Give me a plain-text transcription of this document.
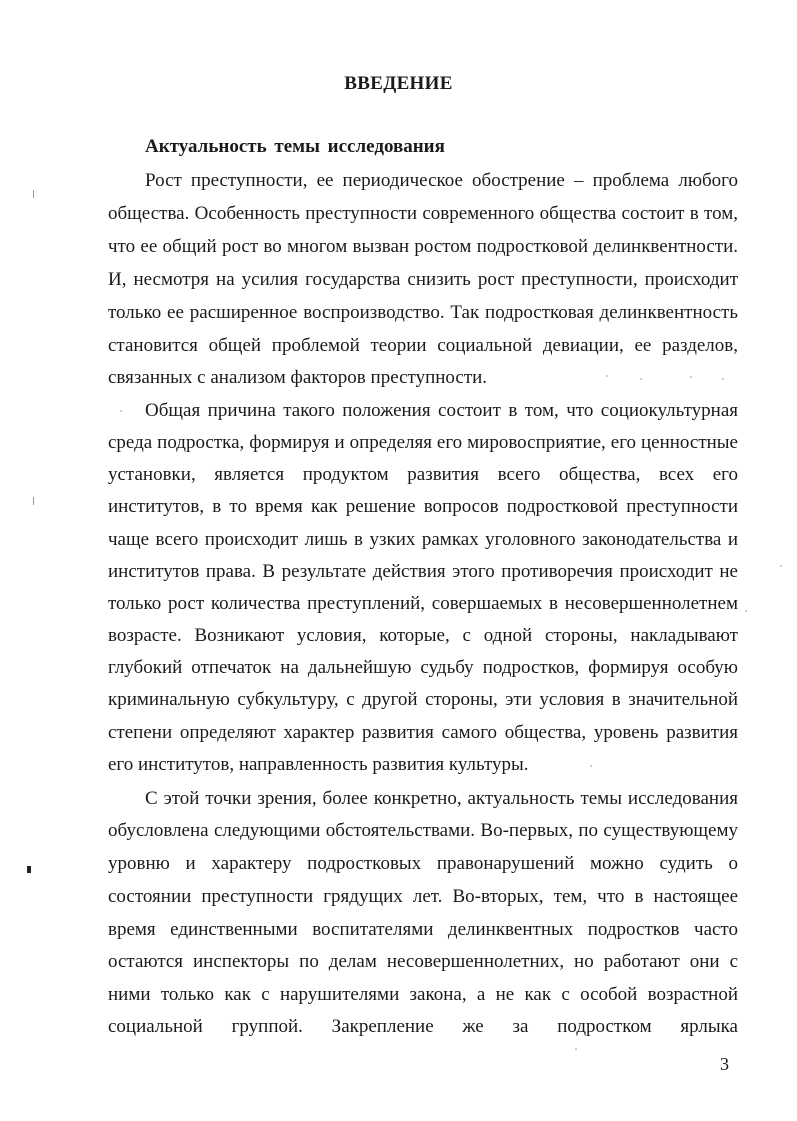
ВВЕДЕНИЕ
Актуальность темы исследования
Рост преступности, ее периодическое обострение – проблема любого
общества. Особенность преступности современного общества состоит в том,
что ее общий рост во многом вызван ростом подростковой делинквентности.
И, несмотря на усилия государства снизить рост преступности, происходит
только ее расширенное воспроизводство. Так подростковая делинквентность
становится общей проблемой теории социальной девиации, ее разделов,
связанных с анализом факторов преступности.
Общая причина такого положения состоит в том, что социокультурная
среда подростка, формируя и определяя его мировосприятие, его ценностные
установки, является продуктом развития всего общества, всех его
институтов, в то время как решение вопросов подростковой преступности
чаще всего происходит лишь в узких рамках уголовного законодательства и
институтов права. В результате действия этого противоречия происходит не
только рост количества преступлений, совершаемых в несовершеннолетнем
возрасте. Возникают условия, которые, с одной стороны, накладывают
глубокий отпечаток на дальнейшую судьбу подростков, формируя особую
криминальную субкультуру, с другой стороны, эти условия в значительной
степени определяют характер развития самого общества, уровень развития
его институтов, направленность развития культуры.
С этой точки зрения, более конкретно, актуальность темы исследования
обусловлена следующими обстоятельствами. Во-первых, по существующему
уровню и характеру подростковых правонарушений можно судить о
состоянии преступности грядущих лет. Во-вторых, тем, что в настоящее
время единственными воспитателями делинквентных подростков часто
остаются инспекторы по делам несовершеннолетних, но работают они с
ними только как с нарушителями закона, а не как с особой возрастной
социальной группой. Закрепление же за подростком ярлыка
3
